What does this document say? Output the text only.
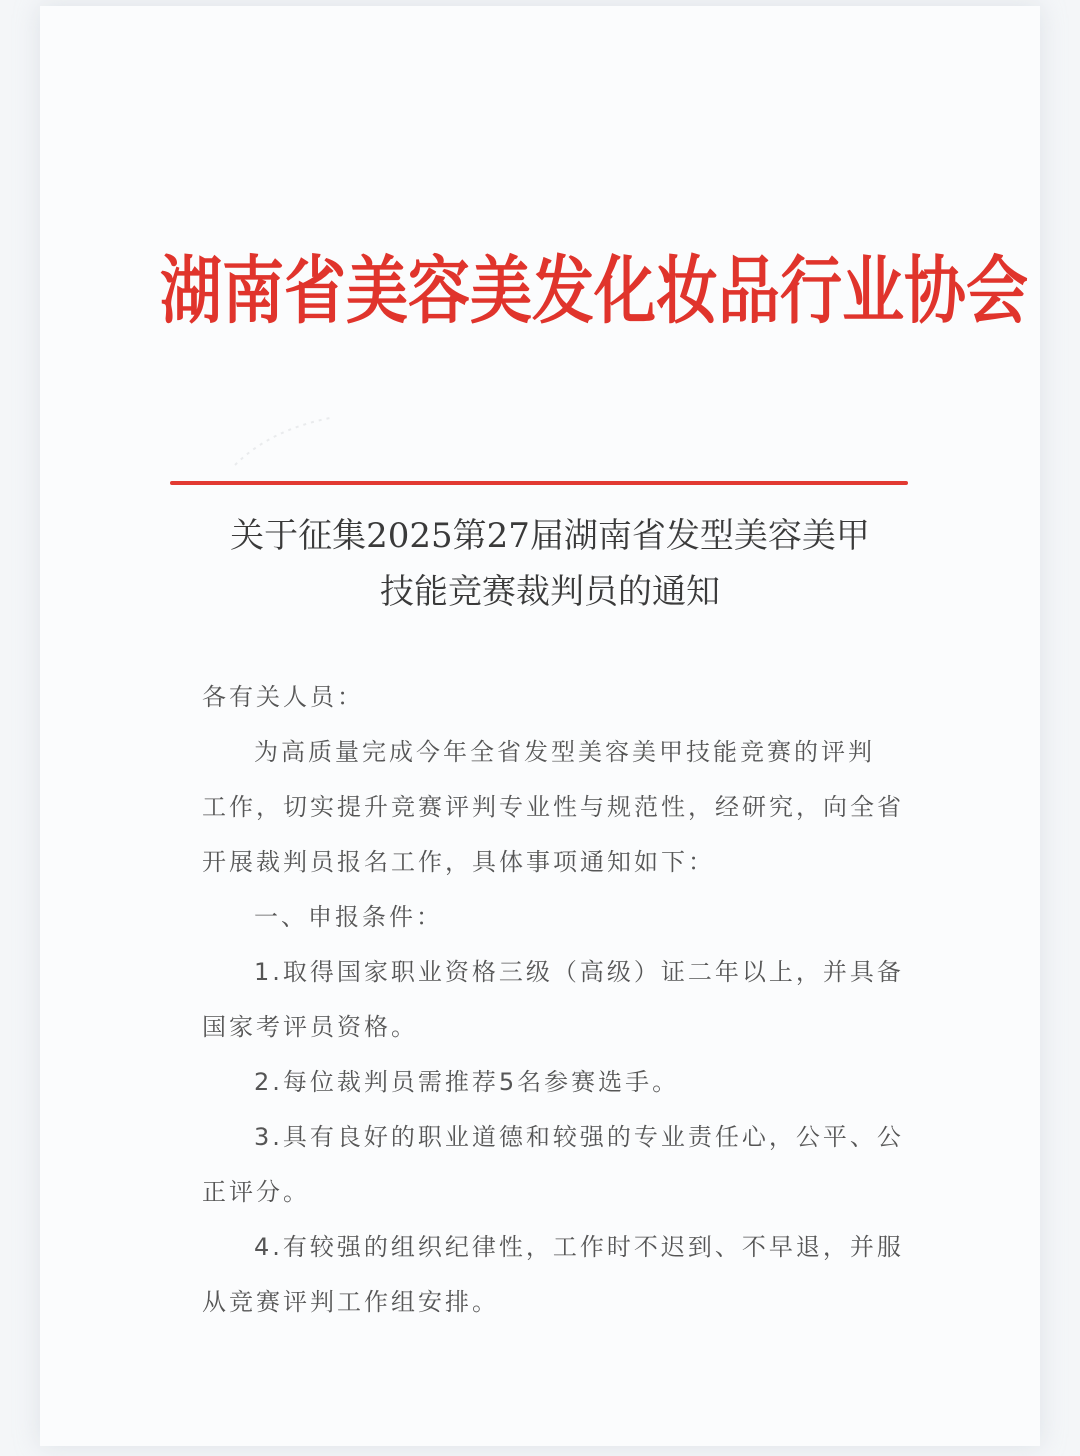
湖南省美容美发化妆品行业协会
关于征集2025第27届湖南省发型美容美甲
技能竞赛裁判员的通知

各有关人员：

为高质量完成今年全省发型美容美甲技能竞赛的评判

工作，切实提升竞赛评判专业性与规范性，经研究，向全省

开展裁判员报名工作，具体事项通知如下：

一、申报条件：

1.取得国家职业资格三级（高级）证二年以上，并具备

国家考评员资格。

2.每位裁判员需推荐5名参赛选手。

3.具有良好的职业道德和较强的专业责任心，公平、公

正评分。

4.有较强的组织纪律性，工作时不迟到、不早退，并服

从竞赛评判工作组安排。
